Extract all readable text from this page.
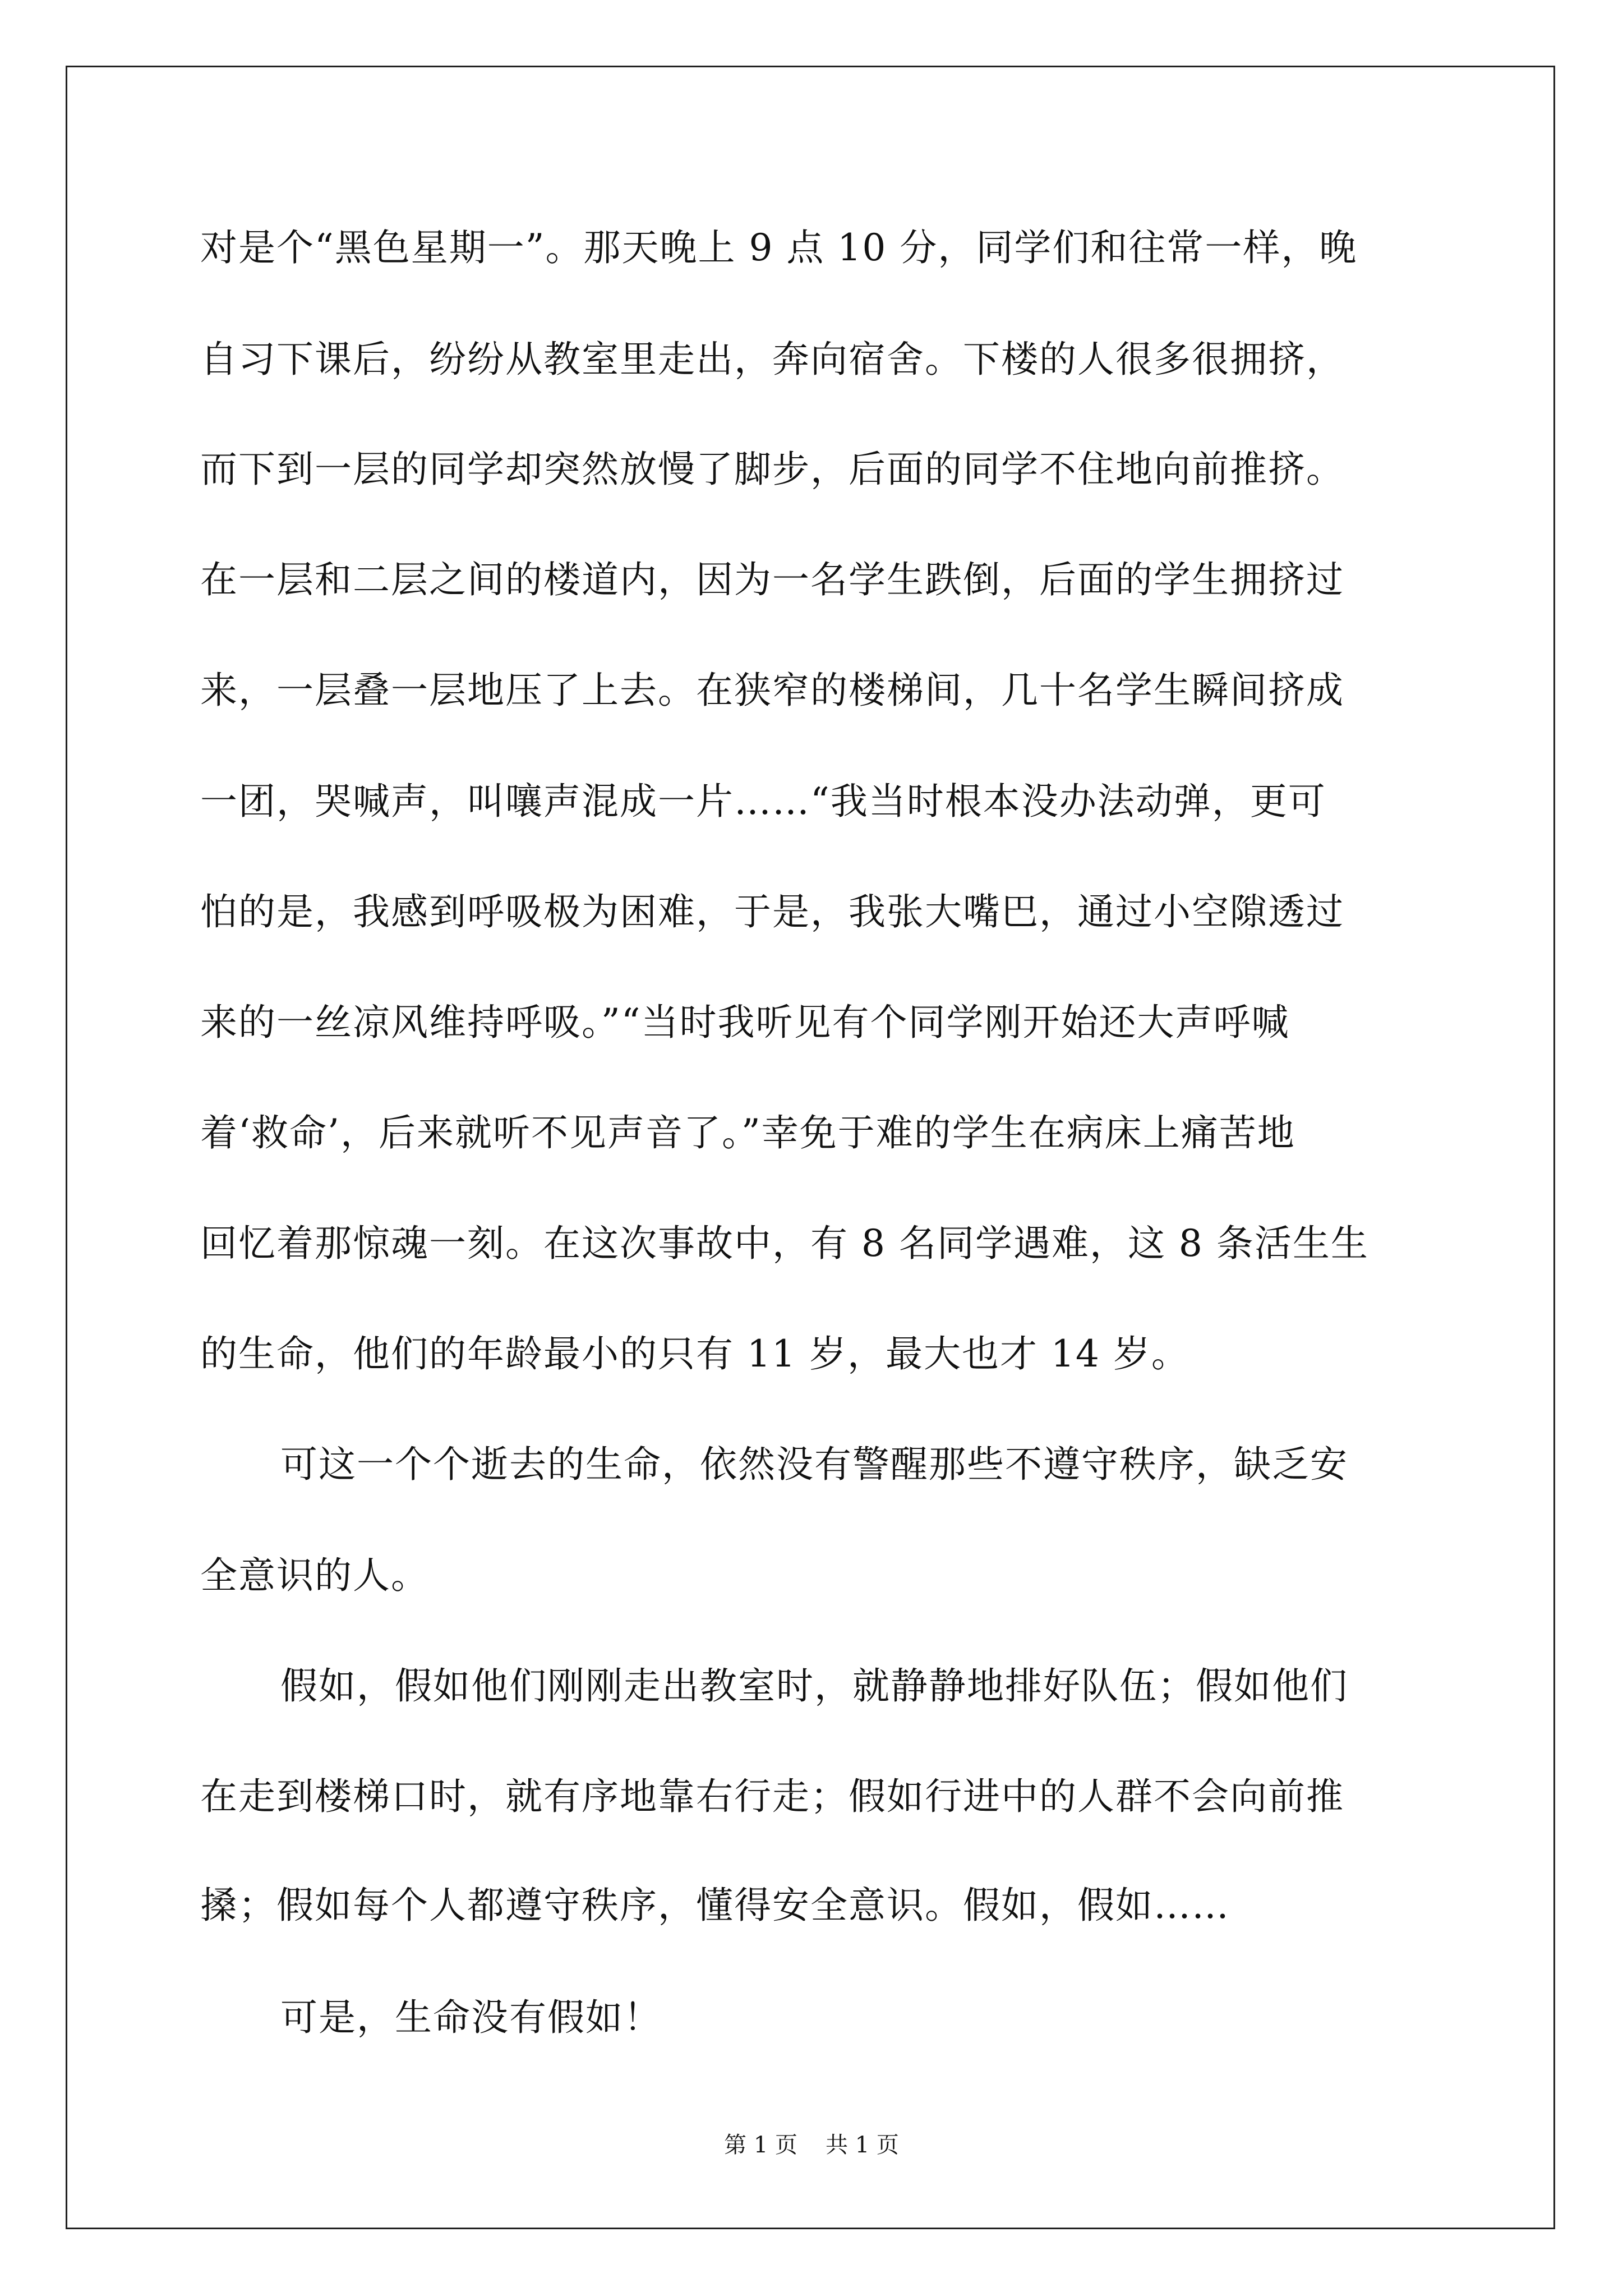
对是个“黑色星期一”。那天晚上 9 点 10 分，同学们和往常一样，晚
自习下课后，纷纷从教室里走出，奔向宿舍。下楼的人很多很拥挤，
而下到一层的同学却突然放慢了脚步，后面的同学不住地向前推挤。
在一层和二层之间的楼道内，因为一名学生跌倒，后面的学生拥挤过
来，一层叠一层地压了上去。在狭窄的楼梯间，几十名学生瞬间挤成
一团，哭喊声，叫嚷声混成一片……“我当时根本没办法动弹，更可
怕的是，我感到呼吸极为困难，于是，我张大嘴巴，通过小空隙透过
来的一丝凉风维持呼吸。”“当时我听见有个同学刚开始还大声呼喊
着‘救命’，后来就听不见声音了。”幸免于难的学生在病床上痛苦地
回忆着那惊魂一刻。在这次事故中，有 8 名同学遇难，这 8 条活生生
的生命，他们的年龄最小的只有 11 岁，最大也才 14 岁。
可这一个个逝去的生命，依然没有警醒那些不遵守秩序，缺乏安
全意识的人。
假如，假如他们刚刚走出教室时，就静静地排好队伍；假如他们
在走到楼梯口时，就有序地靠右行走；假如行进中的人群不会向前推
搡；假如每个人都遵守秩序，懂得安全意识。假如，假如……
可是，生命没有假如！
第 1 页 共 1 页
